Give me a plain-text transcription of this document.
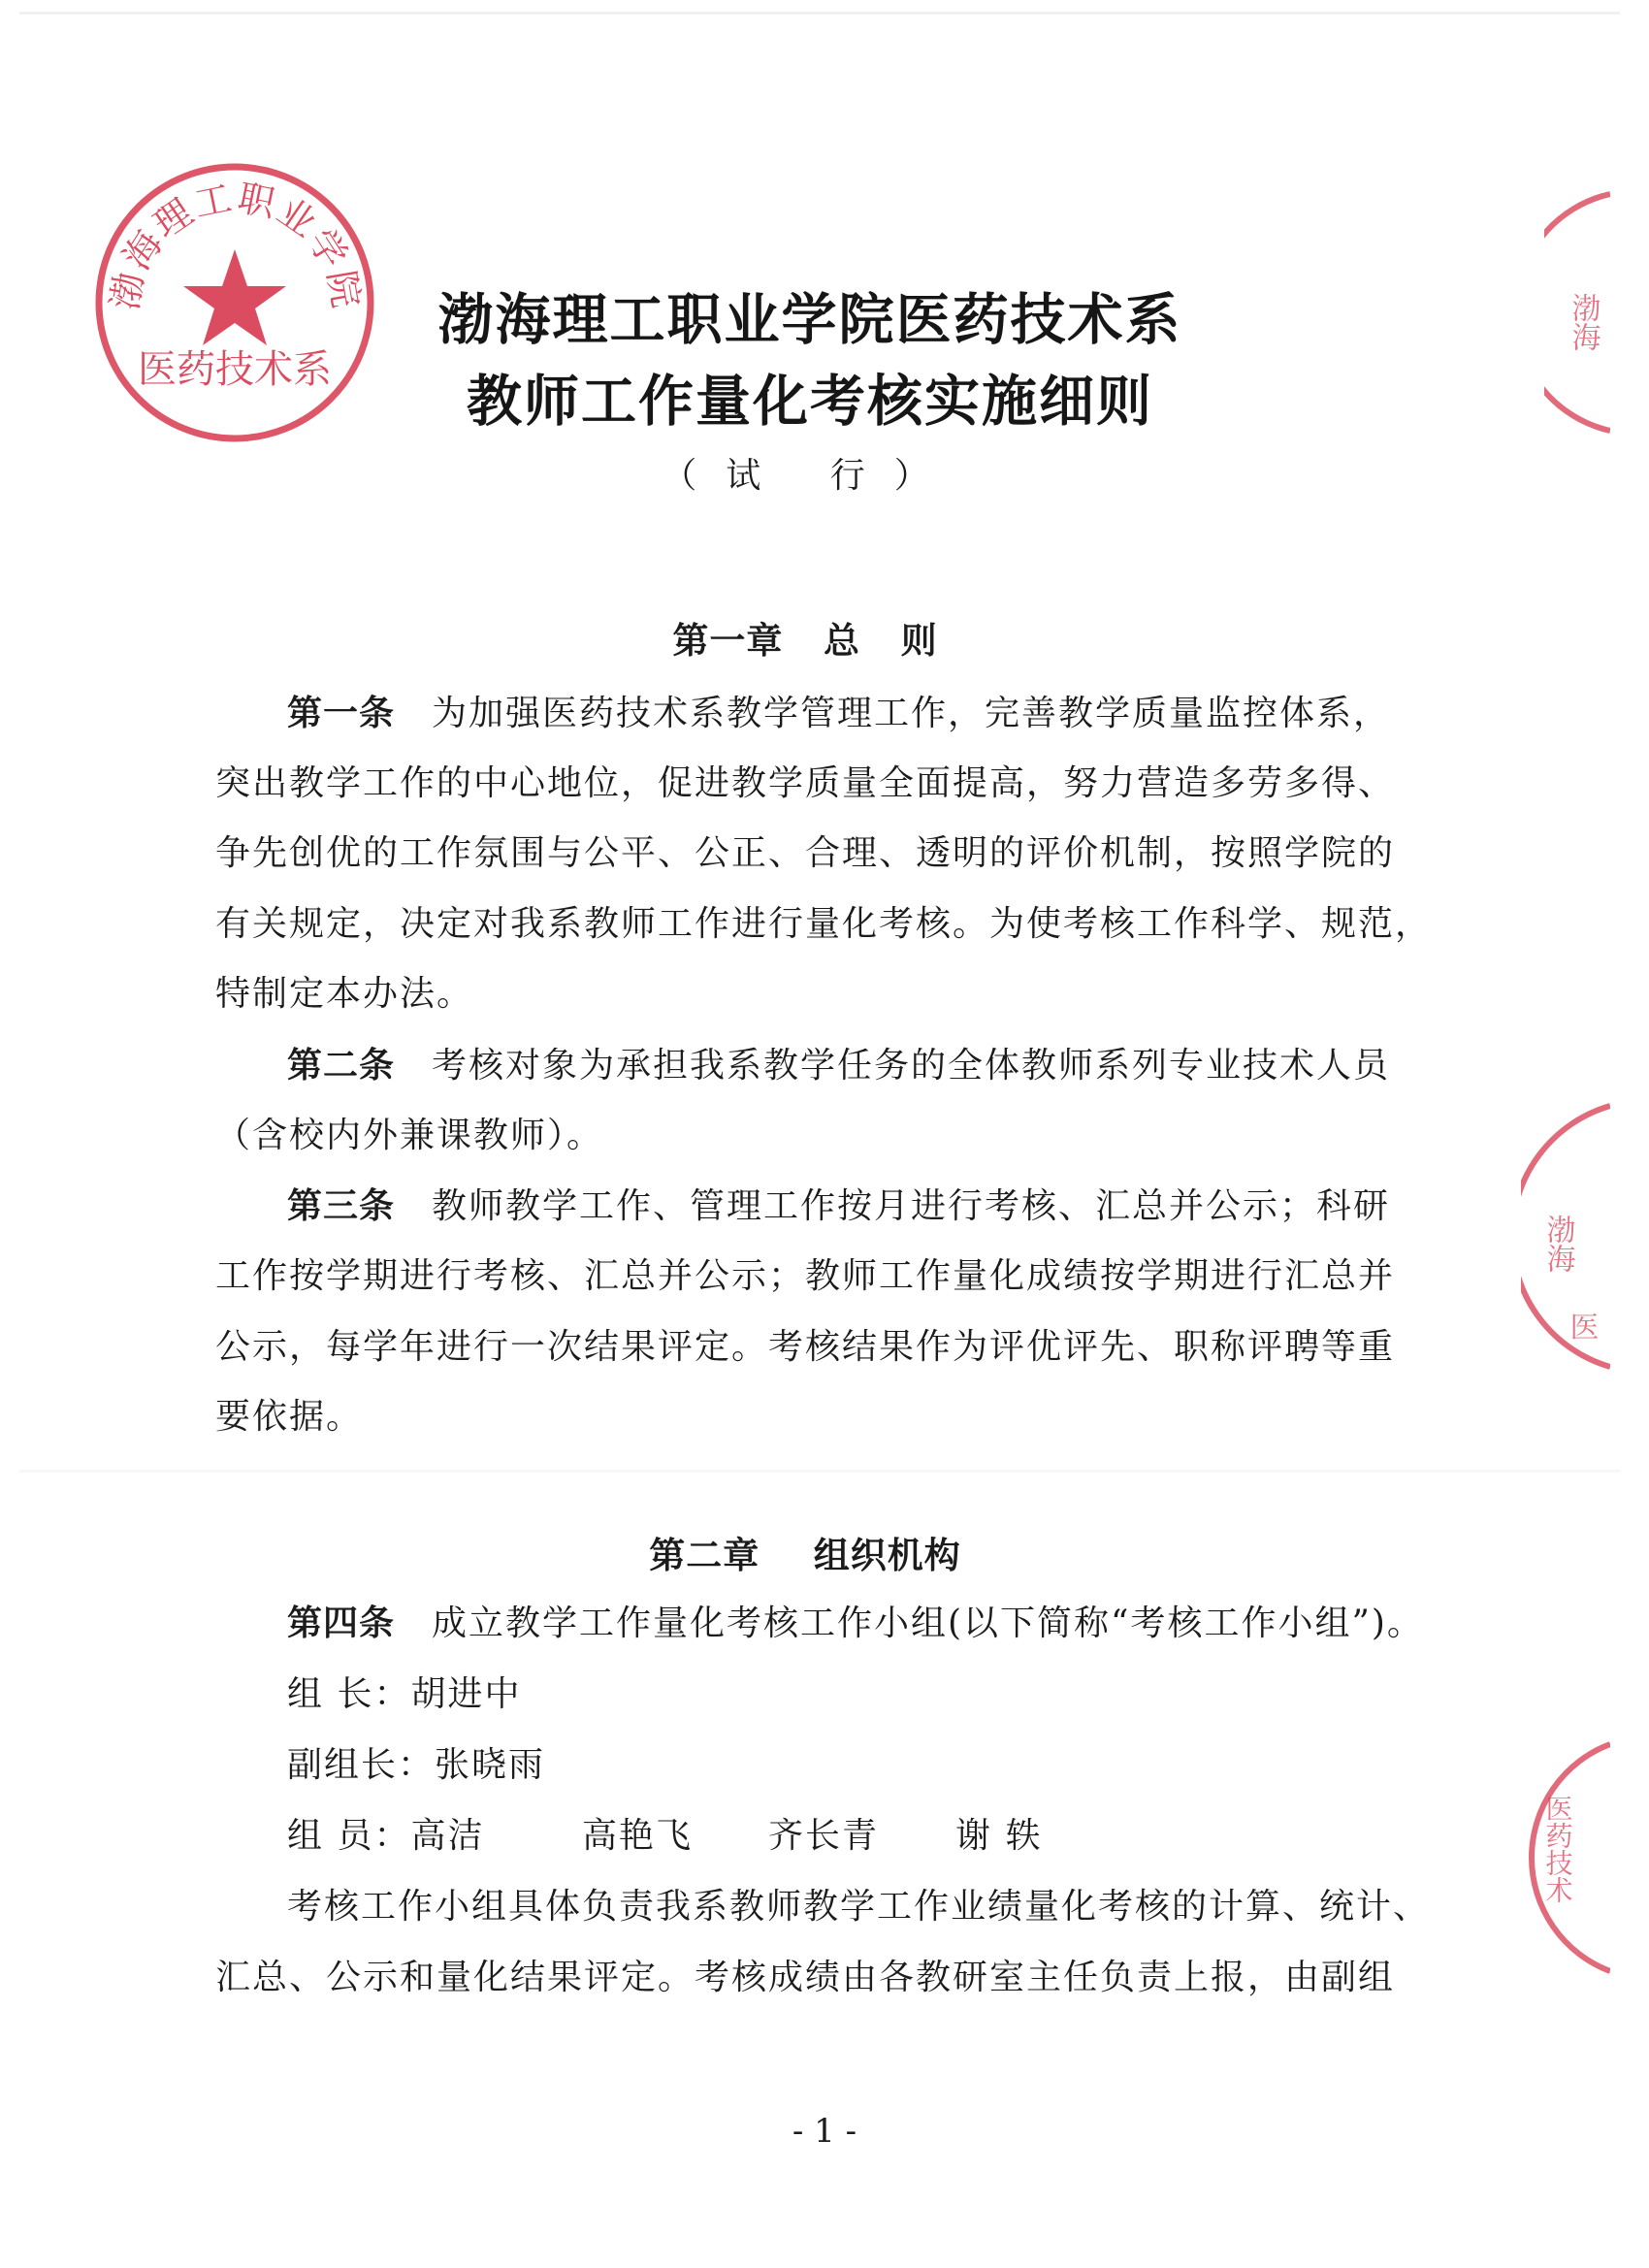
渤海理工职业学院
医药技术系
渤海
渤海
医
医药技术
渤海理工职业学院医药技术系
教师工作量化考核实施细则
（试 行）
第一章   总   则
第一条 为加强医药技术系教学管理工作，完善教学质量监控体系，
突出教学工作的中心地位，促进教学质量全面提高，努力营造多劳多得、
争先创优的工作氛围与公平、公正、合理、透明的评价机制，按照学院的
有关规定，决定对我系教师工作进行量化考核。为使考核工作科学、规范，
特制定本办法。
第二条 考核对象为承担我系教学任务的全体教师系列专业技术人员
（含校内外兼课教师）。
第三条 教师教学工作、管理工作按月进行考核、汇总并公示；科研
工作按学期进行考核、汇总并公示；教师工作量化成绩按学期进行汇总并
公示，每学年进行一次结果评定。考核结果作为评优评先、职称评聘等重
要依据。
第二章    组织机构
第四条 成立教学工作量化考核工作小组(以下简称“考核工作小组”)。
组 长：胡进中
副组长：张晓雨
组 员：高洁	高艳飞 齐长青 谢 轶
考核工作小组具体负责我系教师教学工作业绩量化考核的计算、统计、
汇总、公示和量化结果评定。考核成绩由各教研室主任负责上报，由副组
- 1 -
